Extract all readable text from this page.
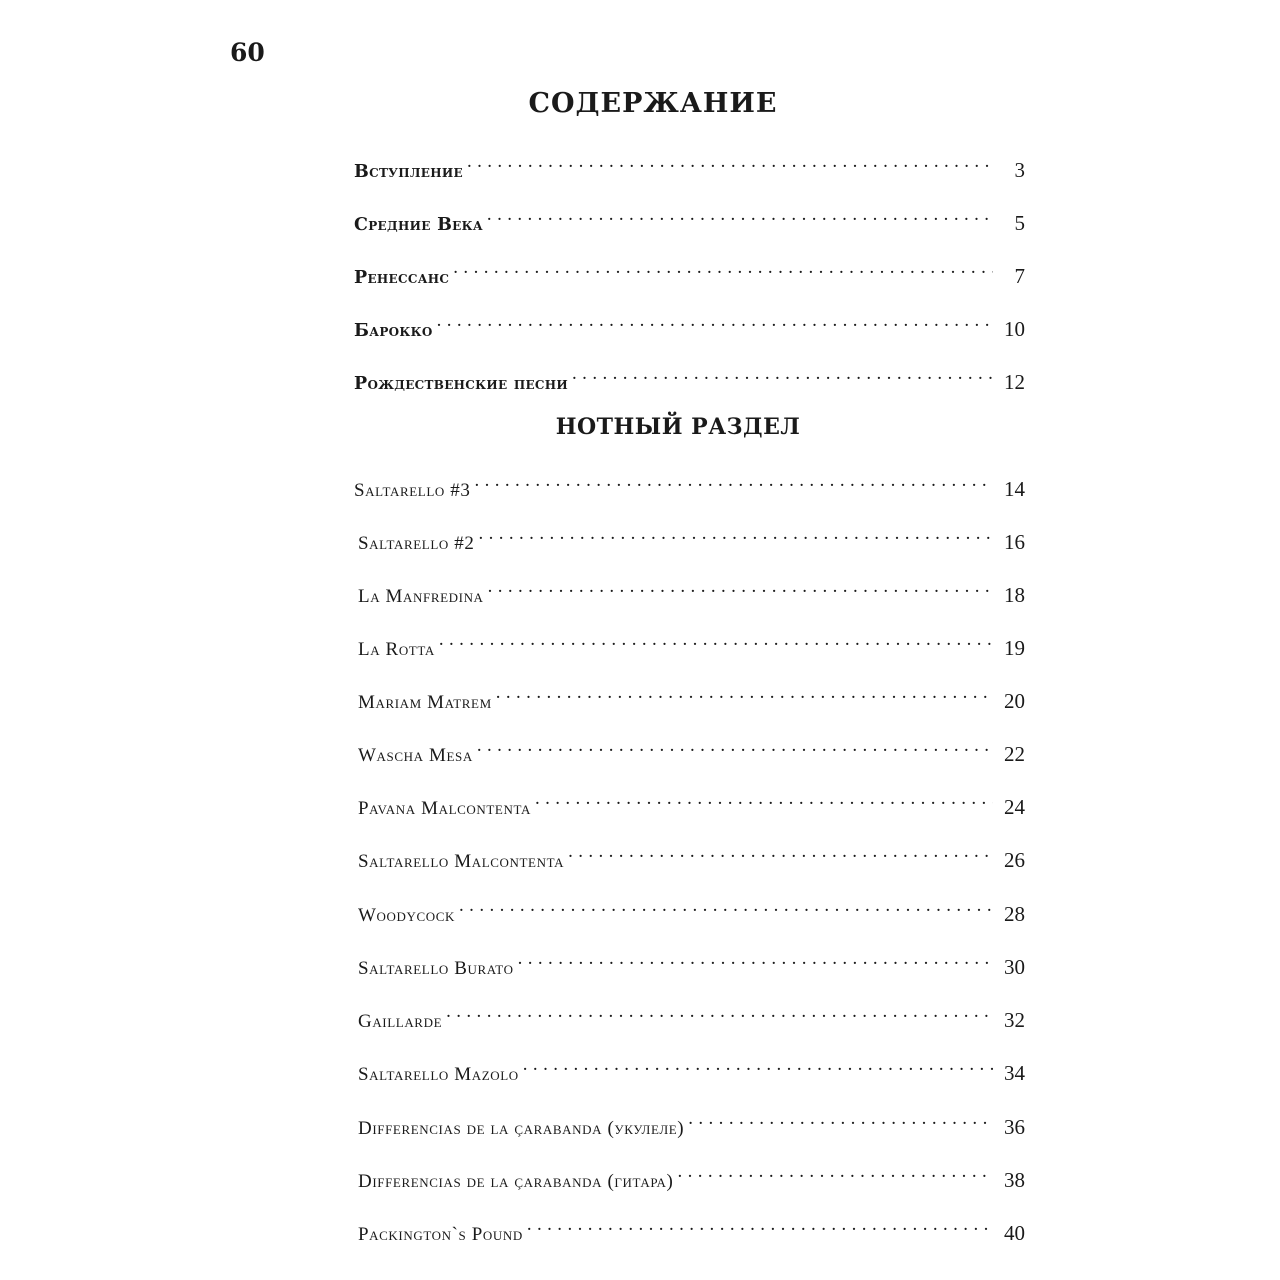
60
СОДЕРЖАНИЕ
Вступление .....	3
Средние Века .....	5
Ренессанс .....	7
Барокко .....	10
Рождественские песни .....	12
НОТНЫЙ РАЗДЕЛ
Saltarello #3 .....	14
Saltarello #2 .....	16
La Manfredina .....	18
La Rotta .....	19
Mariam Matrem .....	20
Wascha Mesa .....	22
Pavana Malcontenta .....	24
Saltarello Malcontenta .....	26
Woodycock .....	28
Saltarello Burato .....	30
Gaillarde .....	32
Saltarello Mazolo .....	34
Differencias de la çarabanda (укулеле) .....	36
Differencias de la çarabanda (гитара) .....	38
Packington`s Pound .....	40
